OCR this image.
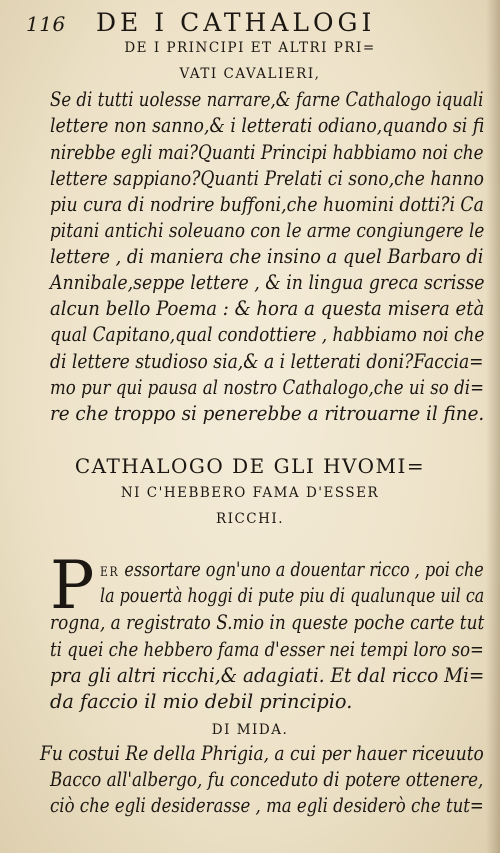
116 DE I CATHALOGI
DE I PRINCIPI ET ALTRI PRI=
VATI CAVALIERI,
Se di tutti uolesse narrare,& farne Cathalogo iquali
lettere non sanno,& i letterati odiano,quando si fi
nirebbe egli mai?Quanti Principi habbiamo noi che
lettere sappiano?Quanti Prelati ci sono,che hanno
piu cura di nodrire buffoni,che huomini dotti?i Ca
pitani antichi soleuano con le arme congiungere le
lettere , di maniera che insino a quel Barbaro di
Annibale,seppe lettere , & in lingua greca scrisse
alcun bello Poema : & hora a questa misera età
qual Capitano,qual condottiere , habbiamo noi che
di lettere studioso sia,& a i letterati doni?Faccia=
mo pur qui pausa al nostro Cathalogo,che ui so di=
re che troppo si penerebbe a ritrouarne il fine.
CATHALOGO DE GLI HVOMI=
NI C'HEBBERO FAMA D'ESSER
RICCHI.
P ER essortare ogn'uno a douentar ricco , poi che
la pouertà hoggi di pute piu di qualunque uil ca
rogna, a registrato S.mio in queste poche carte tut
ti quei che hebbero fama d'esser nei tempi loro so=
pra gli altri ricchi,& adagiati. Et dal ricco Mi=
da faccio il mio debil principio.
DI MIDA.
Fu costui Re della Phrigia, a cui per hauer riceuuto
Bacco all'albergo, fu conceduto di potere ottenere,
ciò che egli desiderasse , ma egli desiderò che tut=
